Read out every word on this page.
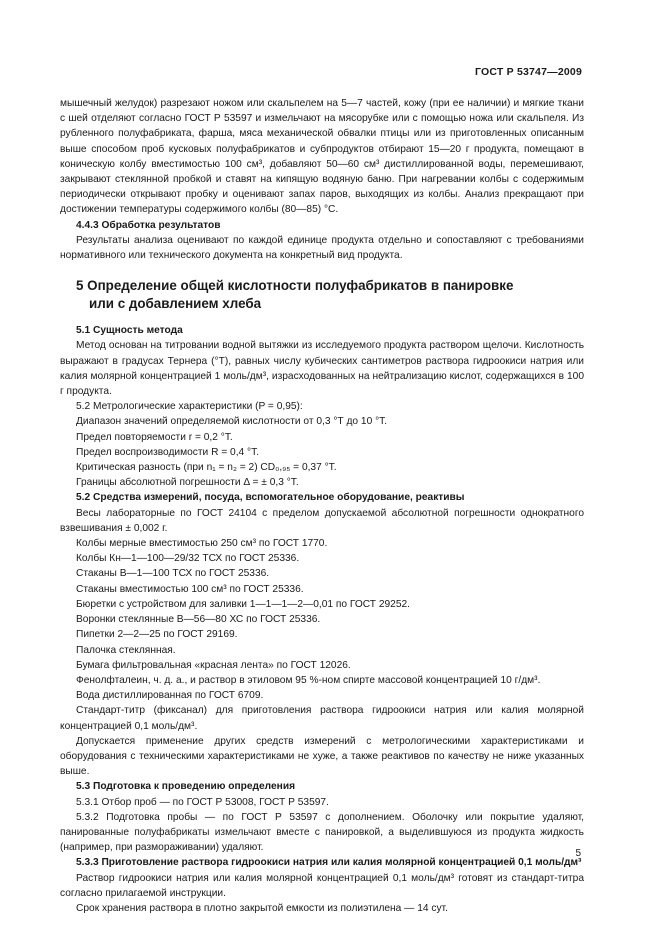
ГОСТ Р 53747—2009

мышечный желудок) разрезают ножом или скальпелем на 5—7 частей, кожу (при ее наличии) и мягкие ткани с шей отделяют согласно ГОСТ Р 53597 и измельчают на мясорубке или с помощью ножа или скальпеля. Из рубленного полуфабриката, фарша, мяса механической обвалки птицы или из приготовленных описанным выше способом проб кусковых полуфабрикатов и субпродуктов отбирают 15—20 г продукта, помещают в коническую колбу вместимостью 100 см³, добавляют 50—60 см³ дистиллированной воды, перемешивают, закрывают стеклянной пробкой и ставят на кипящую водяную баню. При нагревании колбы с содержимым периодически открывают пробку и оценивают запах паров, выходящих из колбы. Анализ прекращают при достижении температуры содержимого колбы (80—85) °С.

4.4.3 Обработка результатов

Результаты анализа оценивают по каждой единице продукта отдельно и сопоставляют с требованиями нормативного или технического документа на конкретный вид продукта.

5 Определение общей кислотности полуфабрикатов в панировке
или с добавлением хлеба

5.1 Сущность метода

Метод основан на титровании водной вытяжки из исследуемого продукта раствором щелочи. Кислотность выражают в градусах Тернера (°Т), равных числу кубических сантиметров раствора гидроокиси натрия или калия молярной концентрацией 1 моль/дм³, израсходованных на нейтрализацию кислот, содержащихся в 100 г продукта.

5.2 Метрологические характеристики (P = 0,95):

Диапазон значений определяемой кислотности от 0,3 °Т до 10 °Т.

Предел повторяемости r = 0,2 °Т.

Предел воспроизводимости R = 0,4 °Т.

Критическая разность (при n₁ = n₂ = 2) CD₀,₉₅ = 0,37 °Т.

Границы абсолютной погрешности Δ = ± 0,3 °Т.

5.2 Средства измерений, посуда, вспомогательное оборудование, реактивы

Весы лабораторные по ГОСТ 24104 с пределом допускаемой абсолютной погрешности однократного взвешивания ± 0,002 г.

Колбы мерные вместимостью 250 см³ по ГОСТ 1770.

Колбы Кн—1—100—29/32 ТСХ по ГОСТ 25336.

Стаканы В—1—100 ТСХ по ГОСТ 25336.

Стаканы вместимостью 100 см³ по ГОСТ 25336.

Бюретки с устройством для заливки 1—1—1—2—0,01 по ГОСТ 29252.

Воронки стеклянные В—56—80 ХС по ГОСТ 25336.

Пипетки 2—2—25 по ГОСТ 29169.

Палочка стеклянная.

Бумага фильтровальная «красная лента» по ГОСТ 12026.

Фенолфталеин, ч. д. а., и раствор в этиловом 95 %-ном спирте массовой концентрацией 10 г/дм³.

Вода дистиллированная по ГОСТ 6709.

Стандарт-титр (фиксанал) для приготовления раствора гидроокиси натрия или калия молярной концентрацией 0,1 моль/дм³.

Допускается применение других средств измерений с метрологическими характеристиками и оборудования с техническими характеристиками не хуже, а также реактивов по качеству не ниже указанных выше.

5.3 Подготовка к проведению определения

5.3.1 Отбор проб — по ГОСТ Р 53008, ГОСТ Р 53597.

5.3.2 Подготовка пробы — по ГОСТ Р 53597 с дополнением. Оболочку или покрытие удаляют, панированные полуфабрикаты измельчают вместе с панировкой, а выделившуюся из продукта жидкость (например, при размораживании) удаляют.

5.3.3 Приготовление раствора гидроокиси натрия или калия молярной концентрацией 0,1 моль/дм³

Раствор гидроокиси натрия или калия молярной концентрацией 0,1 моль/дм³ готовят из стандарт-титра согласно прилагаемой инструкции.

Срок хранения раствора в плотно закрытой емкости из полиэтилена — 14 сут.

5
